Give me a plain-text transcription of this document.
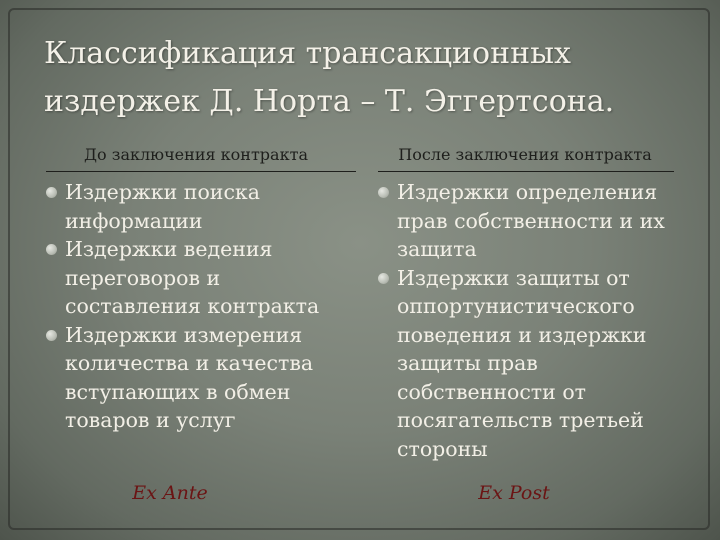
Классификация трансакционных издержек Д. Норта – Т. Эггертсона.
До заключения контракта	После заключения контракта
Издержки поиска информации
Издержки ведения переговоров и составления контракта
Издержки измерения количества и качества вступающих в обмен товаров и услуг
Издержки определения прав собственности и их защита
Издержки защиты от оппортунистического поведения и издержки защиты прав собственности от посягательств третьей стороны
Ex Ante	Ex Post
